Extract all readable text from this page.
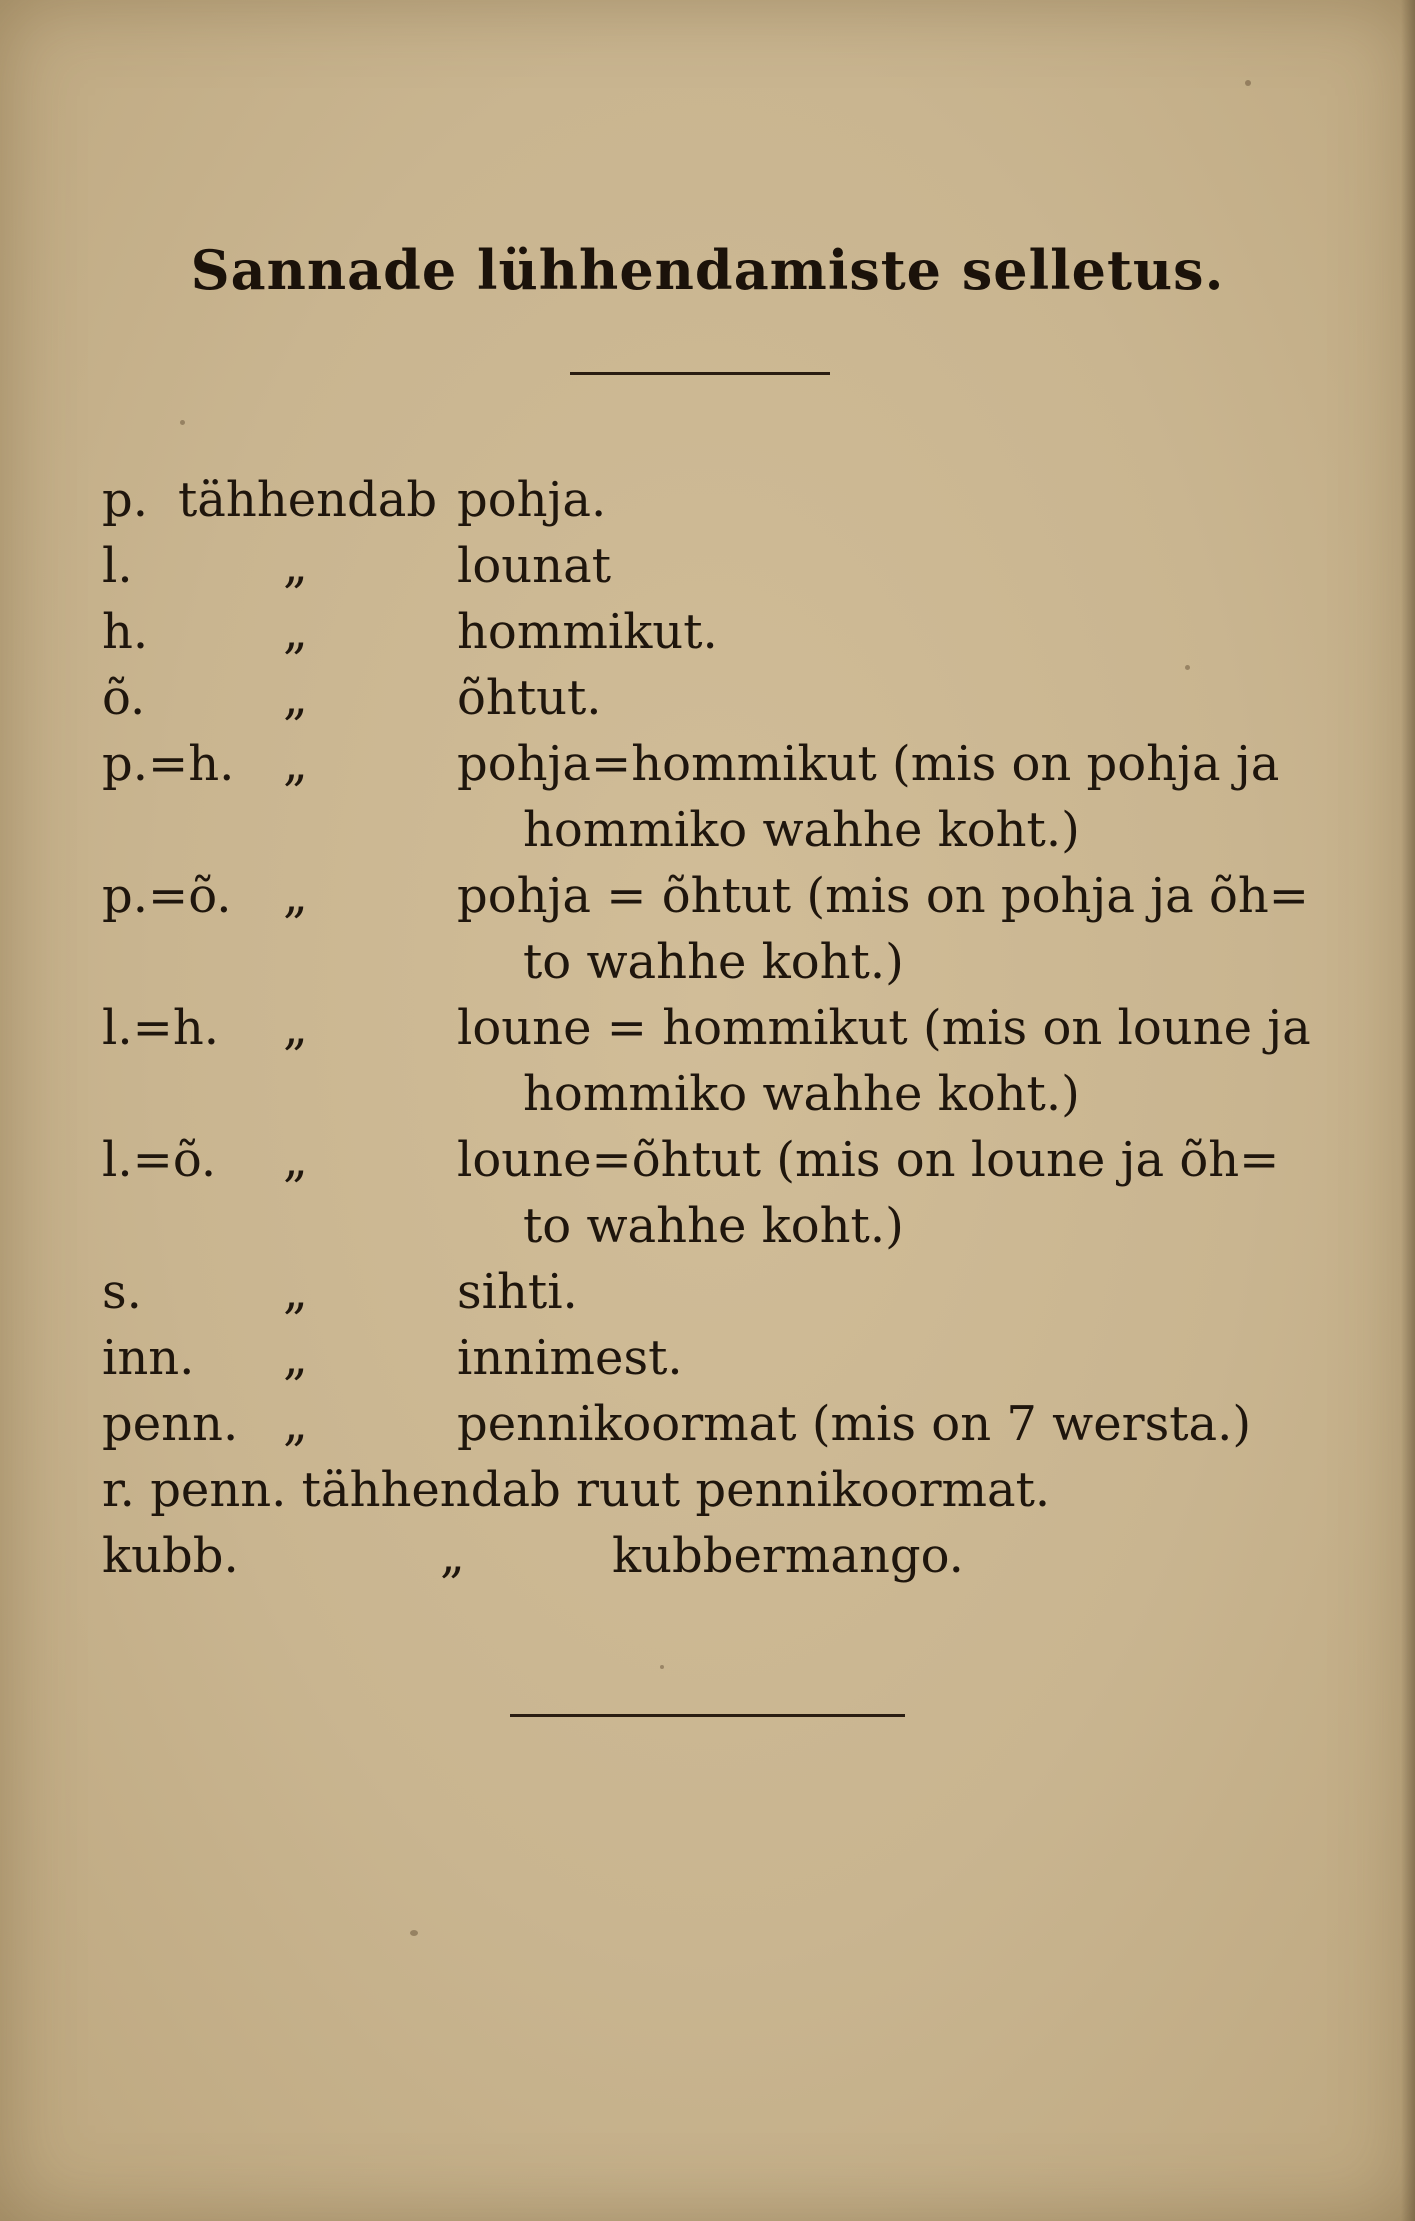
Sannade lühhendamiste selletus.
p. tähhendab pohja.
l.	„	lounat
h.	„	hommikut.
õ.	„	õhtut.
p.=h. „	pohja=hommikut (mis on pohja ja
hommiko wahhe koht.)
p.=õ. „	pohja = õhtut (mis on pohja ja õh=
to wahhe koht.)
l.=h. „	loune = hommikut (mis on loune ja
hommiko wahhe koht.)
l.=õ. „	loune=õhtut (mis on loune ja õh=
to wahhe koht.)
s.	„	sihti.
inn. „	innimest.
penn. „	pennikoormat (mis on 7 wersta.)
r. penn. tähhendab ruut pennikoormat.
kubb.	„	kubbermango.
